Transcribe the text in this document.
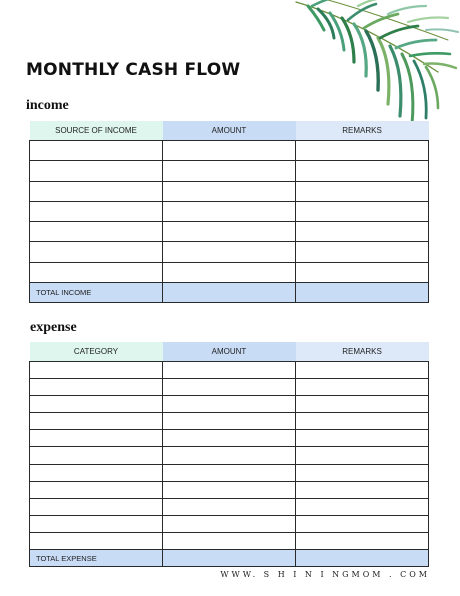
MONTHLY CASH FLOW
income
SOURCE OF INCOME	AMOUNT	REMARKS

TOTAL INCOME		
expense
CATEGORY	AMOUNT	REMARKS

TOTAL EXPENSE		
WWW. S H I N I NGMOM . COM
